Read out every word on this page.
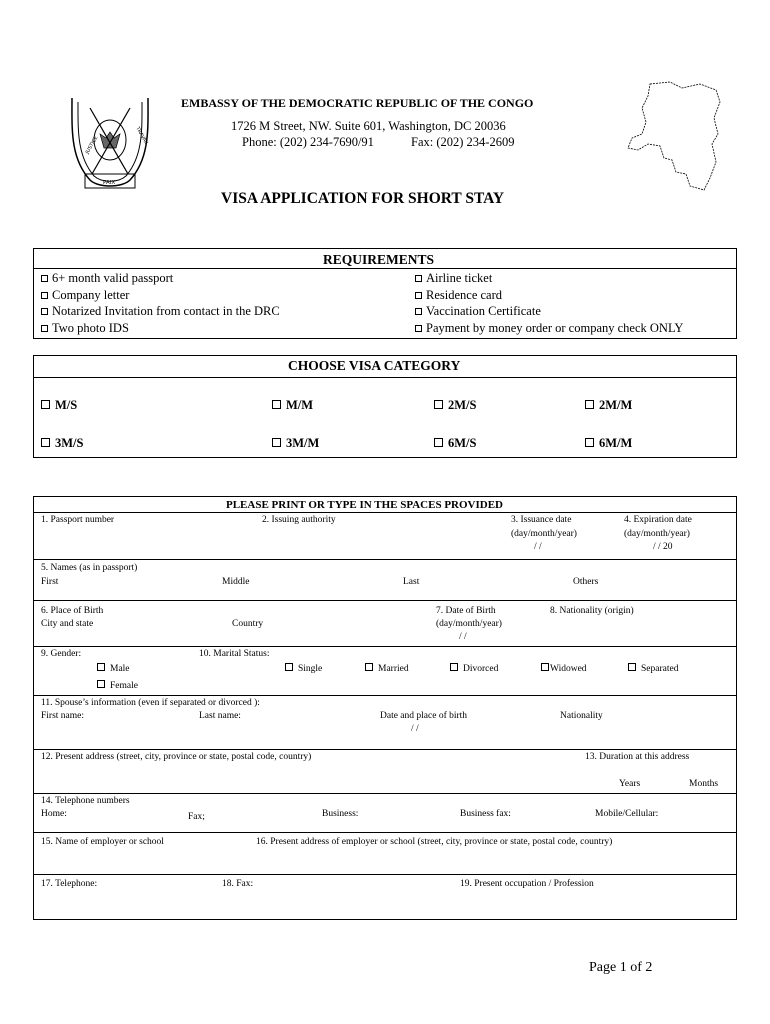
JUSTICE	TRAVAIL
PAIX
EMBASSY OF THE DEMOCRATIC REPUBLIC OF THE CONGO
1726 M Street, NW. Suite 601, Washington, DC 20036
Phone: (202) 234-7690/91	Fax: (202) 234-2609
VISA APPLICATION FOR SHORT STAY
REQUIREMENTS
6+ month valid passport
Company letter
Notarized Invitation from contact in the DRC
Two photo IDS
Airline ticket
Residence card
Vaccination Certificate
Payment by money order or company check ONLY
CHOOSE VISA CATEGORY
M/S	M/M	2M/S	2M/M
3M/S	3M/M	6M/S	6M/M
PLEASE PRINT OR TYPE IN THE SPACES PROVIDED
1. Passport number	2. Issuing authority	3. Issuance date
(day/month/year)
/ /
4. Expiration date
(day/month/year)
/ / 20
5. Names (as in passport)
First	Middle	Last	Others
6. Place of Birth
City and state	Country
7. Date of Birth
(day/month/year)
/ /
8. Nationality (origin)
9. Gender:
Male
Female
10. Marital Status:
Single	Married	Divorced	Widowed	Separated
11. Spouse’s information (even if separated or divorced ):
First name:	Last name:	Date and place of birth
/ /
Nationality
12. Present address (street, city, province or state, postal code, country)	13. Duration at this address
Years	Months
14. Telephone numbers
Home:	Fax;	Business:	Business fax:	Mobile/Cellular:
15. Name of employer or school	16. Present address of employer or school (street, city, province or state, postal code, country)
17. Telephone:	18. Fax:	19. Present occupation / Profession
Page 1 of 2
